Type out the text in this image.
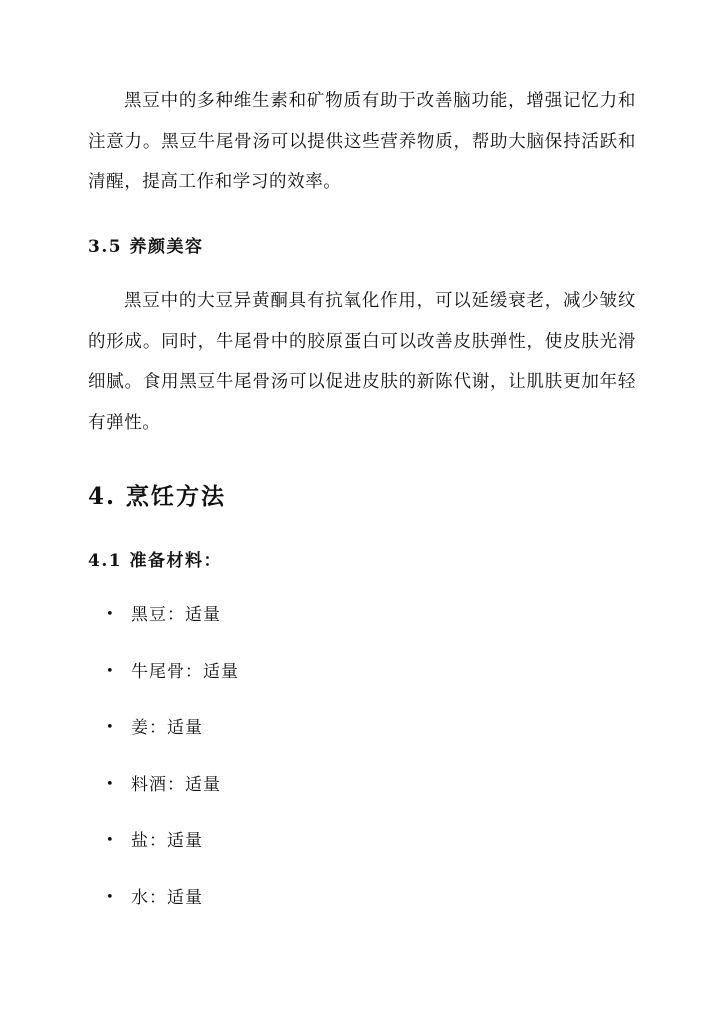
黑豆中的多种维生素和矿物质有助于改善脑功能，增强记忆力和注意力。黑豆牛尾骨汤可以提供这些营养物质，帮助大脑保持活跃和清醒，提高工作和学习的效率。

3.5 养颜美容

黑豆中的大豆异黄酮具有抗氧化作用，可以延缓衰老，减少皱纹的形成。同时，牛尾骨中的胶原蛋白可以改善皮肤弹性，使皮肤光滑细腻。食用黑豆牛尾骨汤可以促进皮肤的新陈代谢，让肌肤更加年轻有弹性。

4. 烹饪方法
4.1 准备材料：
• 黑豆：适量
• 牛尾骨：适量
• 姜：适量
• 料酒：适量
• 盐：适量
• 水：适量
